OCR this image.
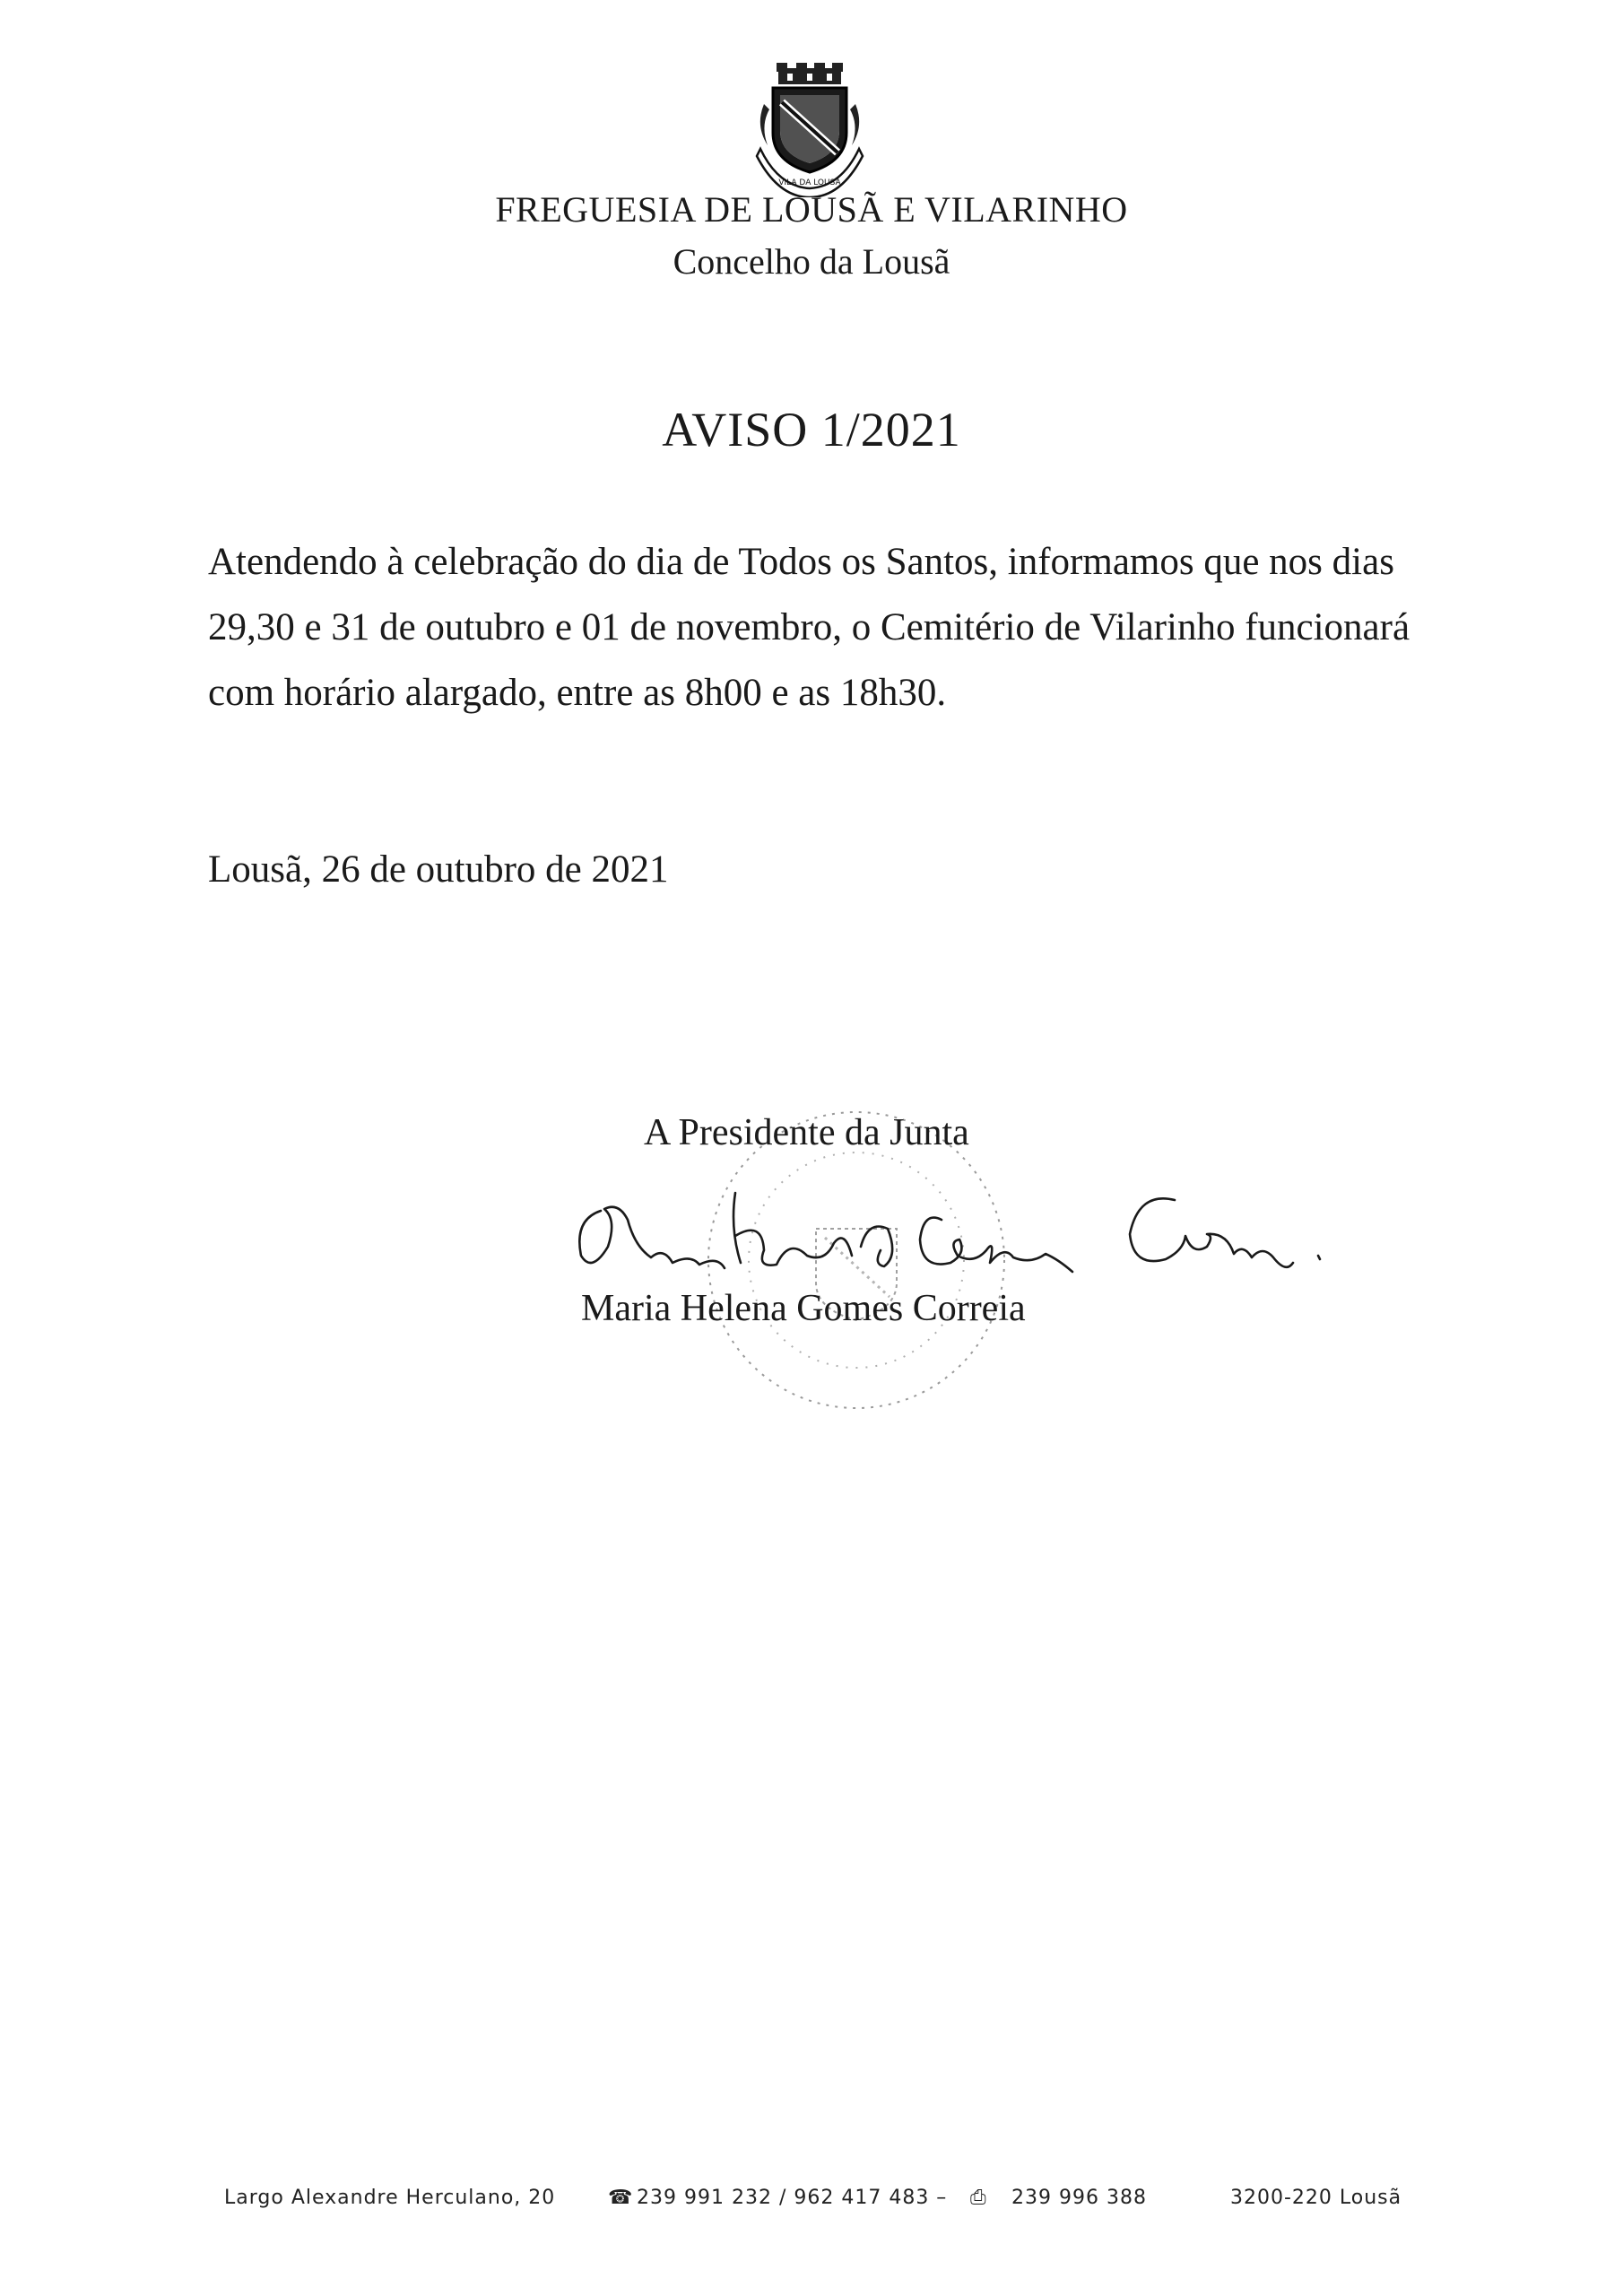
VILA DA LOUSÃ
FREGUESIA DE LOUSÃ E VILARINHO
Concelho da Lousã
AVISO 1/2021
Atendendo à celebração do dia de Todos os Santos, informamos que nos dias
29,30 e 31 de outubro e 01 de novembro, o Cemitério de Vilarinho funcionará
com horário alargado, entre as 8h00 e as 18h30.
Lousã, 26 de outubro de 2021
A Presidente da Junta
Maria Helena Gomes Correia
Largo Alexandre Herculano, 20	☎ 239 991 232 / 962 417 483 – ⎙ 239 996 388	3200-220 Lousã
